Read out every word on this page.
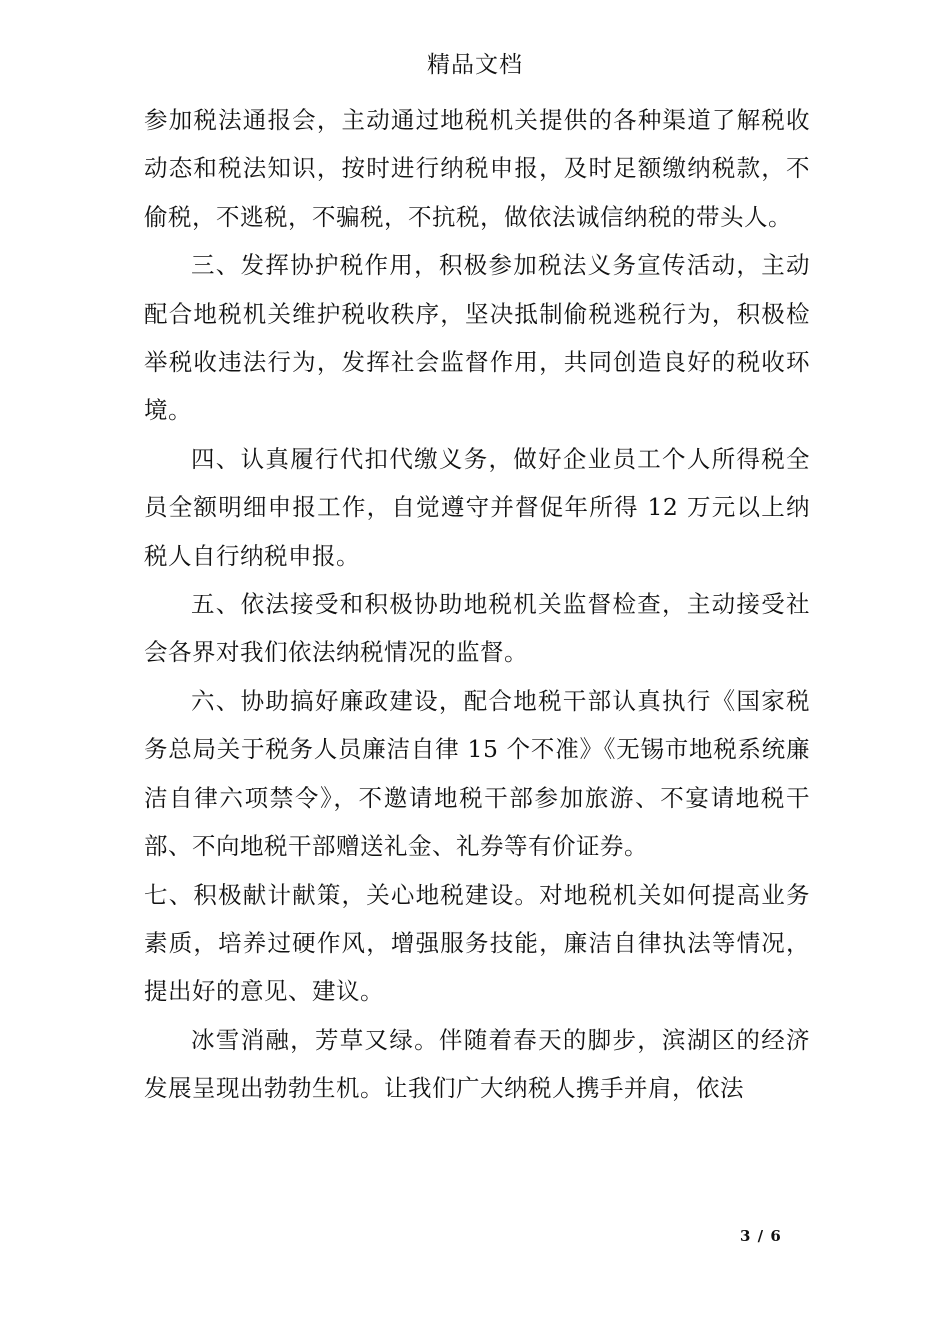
精品文档

参加税法通报会，主动通过地税机关提供的各种渠道了解税收动态和税法知识，按时进行纳税申报，及时足额缴纳税款，不偷税，不逃税，不骗税，不抗税，做依法诚信纳税的带头人。

三、发挥协护税作用，积极参加税法义务宣传活动，主动配合地税机关维护税收秩序，坚决抵制偷税逃税行为，积极检举税收违法行为，发挥社会监督作用，共同创造良好的税收环境。

四、认真履行代扣代缴义务，做好企业员工个人所得税全员全额明细申报工作，自觉遵守并督促年所得 12 万元以上纳税人自行纳税申报。

五、依法接受和积极协助地税机关监督检查，主动接受社会各界对我们依法纳税情况的监督。

六、协助搞好廉政建设，配合地税干部认真执行《国家税务总局关于税务人员廉洁自律 15 个不准》《无锡市地税系统廉洁自律六项禁令》，不邀请地税干部参加旅游、不宴请地税干部、不向地税干部赠送礼金、礼券等有价证券。

七、积极献计献策，关心地税建设。对地税机关如何提高业务素质，培养过硬作风，增强服务技能，廉洁自律执法等情况，提出好的意见、建议。

冰雪消融，芳草又绿。伴随着春天的脚步，滨湖区的经济发展呈现出勃勃生机。让我们广大纳税人携手并肩，依法

3 / 6
